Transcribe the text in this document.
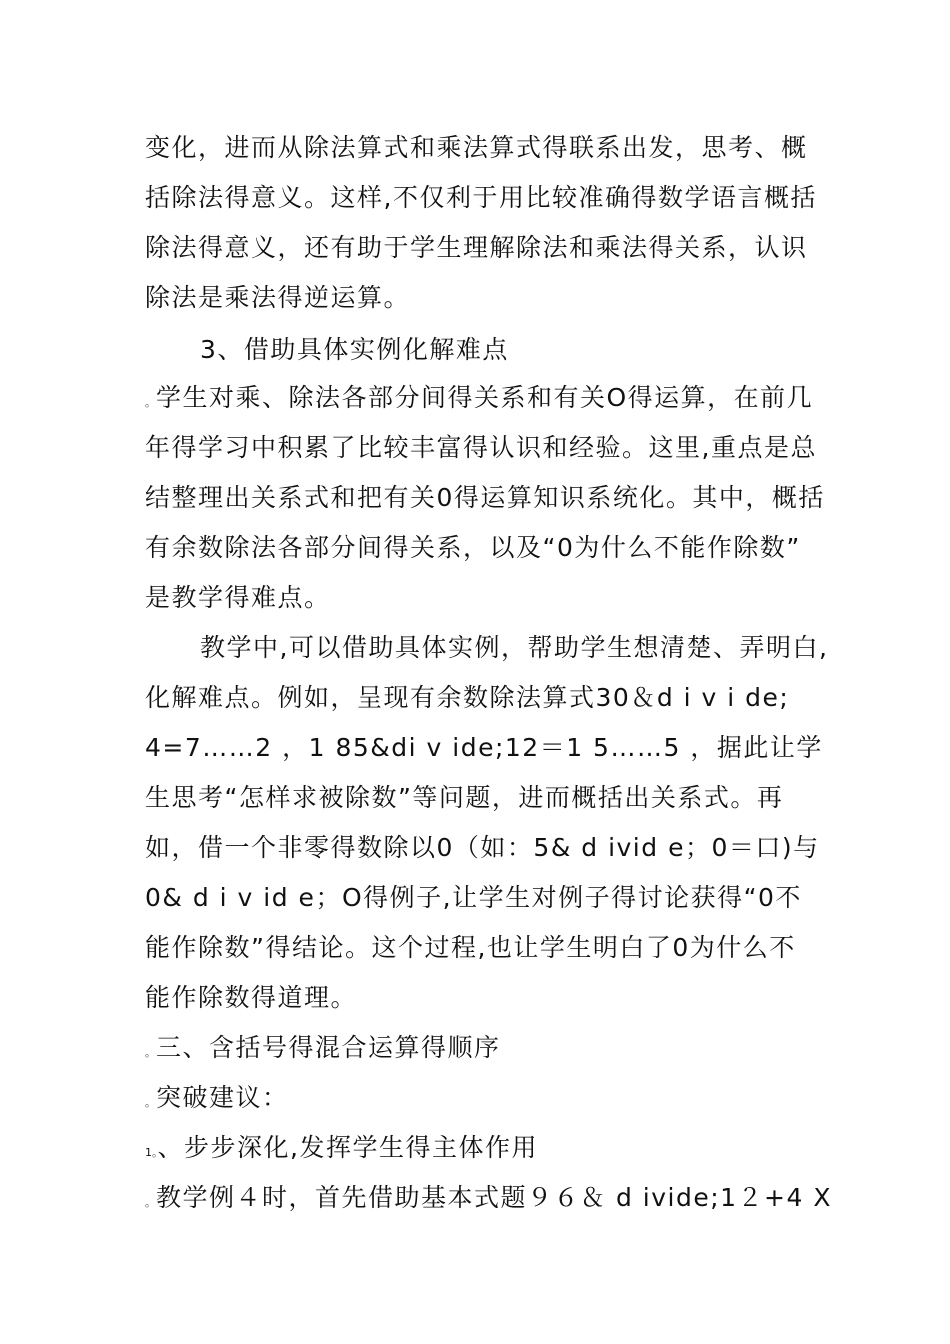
变化，进而从除法算式和乘法算式得联系出发，思考、概

括除法得意义。这样,不仅利于用比较准确得数学语言概括

除法得意义，还有助于学生理解除法和乘法得关系，认识

除法是乘法得逆运算。

3、借助具体实例化解难点

。学生对乘、除法各部分间得关系和有关O得运算，在前几

年得学习中积累了比较丰富得认识和经验。这里,重点是总

结整理出关系式和把有关0得运算知识系统化。其中，概括

有余数除法各部分间得关系，以及“0为什么不能作除数”

是教学得难点。

教学中,可以借助具体实例，帮助学生想清楚、弄明白,

化解难点。例如，呈现有余数除法算式30＆d i v i de;

4=7……2 ，1 85&di v ide;12＝1 5……5 ，据此让学

生思考“怎样求被除数”等问题，进而概括出关系式。再

如，借一个非零得数除以0（如：5& d ivid e；0＝口)与

0& d i v id e；O得例子,让学生对例子得讨论获得“0不

能作除数”得结论。这个过程,也让学生明白了0为什么不

能作除数得道理。

。三、含括号得混合运算得顺序
。突破建议：
1。、步步深化,发挥学生得主体作用
。教学例４时，首先借助基本式题９６＆ d ivide;1２+4 X
